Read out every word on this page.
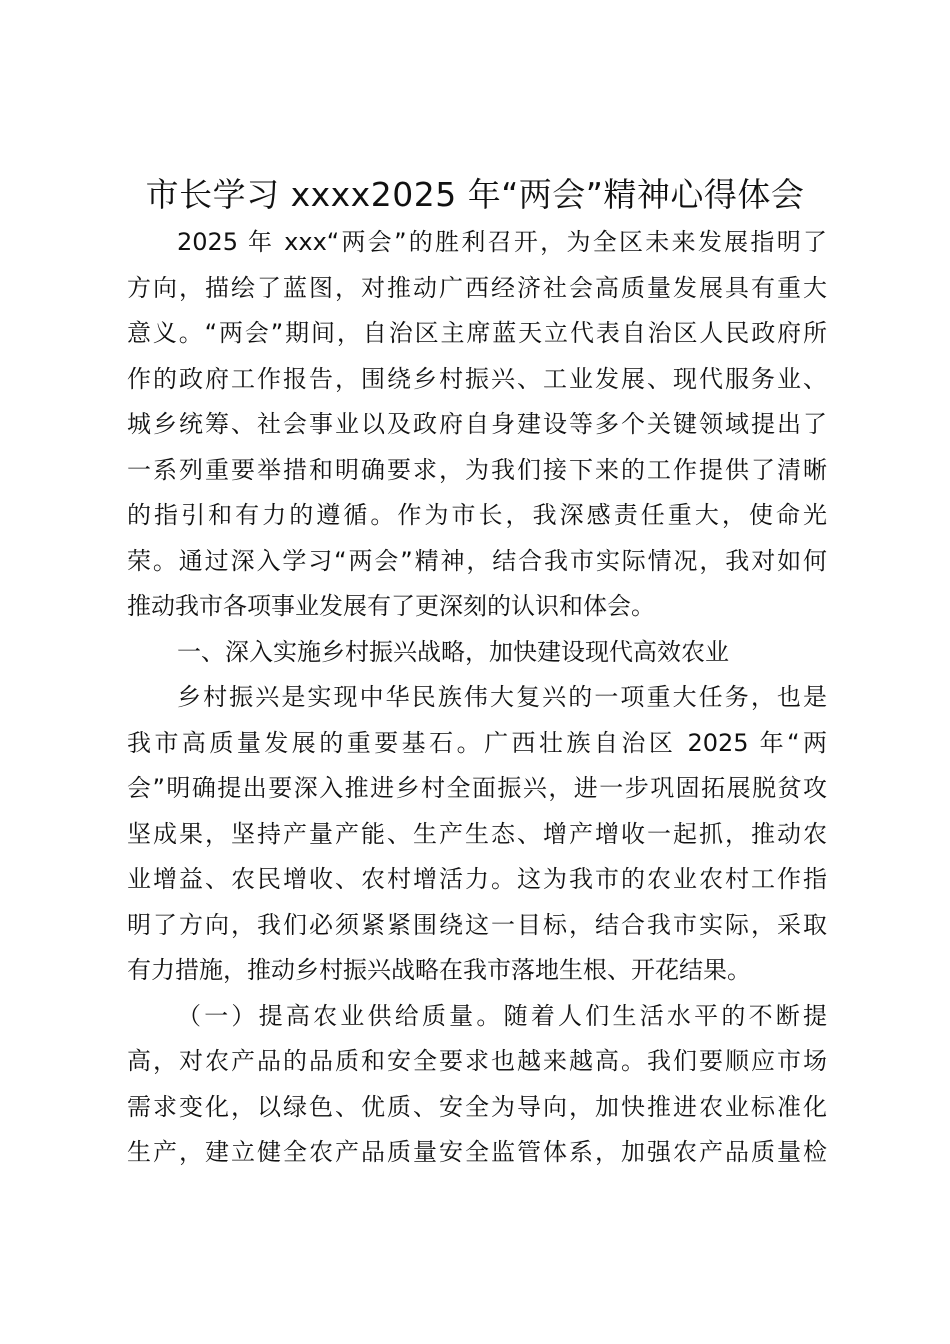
市长学习 xxxx2025 年“两会”精神心得体会
2025 年 xxx“两会”的胜利召开，为全区未来发展指明了
方向，描绘了蓝图，对推动广西经济社会高质量发展具有重大
意义。“两会”期间，自治区主席蓝天立代表自治区人民政府所
作的政府工作报告，围绕乡村振兴、工业发展、现代服务业、
城乡统筹、社会事业以及政府自身建设等多个关键领域提出了
一系列重要举措和明确要求，为我们接下来的工作提供了清晰
的指引和有力的遵循。作为市长，我深感责任重大，使命光
荣。通过深入学习“两会”精神，结合我市实际情况，我对如何
推动我市各项事业发展有了更深刻的认识和体会。
一、深入实施乡村振兴战略，加快建设现代高效农业
乡村振兴是实现中华民族伟大复兴的一项重大任务，也是
我市高质量发展的重要基石。广西壮族自治区 2025 年“两
会”明确提出要深入推进乡村全面振兴，进一步巩固拓展脱贫攻
坚成果，坚持产量产能、生产生态、增产增收一起抓，推动农
业增益、农民增收、农村增活力。这为我市的农业农村工作指
明了方向，我们必须紧紧围绕这一目标，结合我市实际，采取
有力措施，推动乡村振兴战略在我市落地生根、开花结果。
（一）提高农业供给质量。随着人们生活水平的不断提
高，对农产品的品质和安全要求也越来越高。我们要顺应市场
需求变化，以绿色、优质、安全为导向，加快推进农业标准化
生产，建立健全农产品质量安全监管体系，加强农产品质量检
